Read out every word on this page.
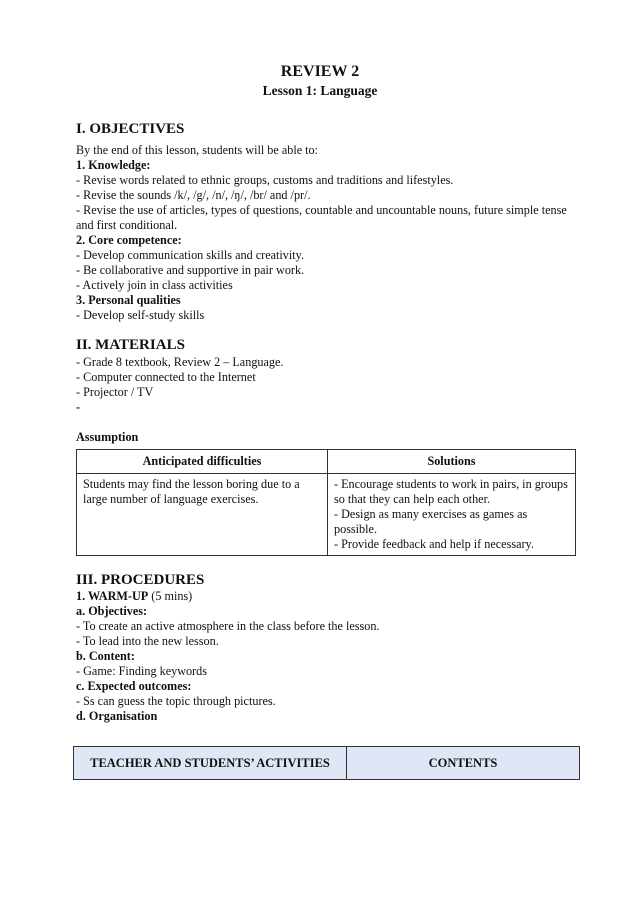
REVIEW 2
Lesson 1: Language
I. OBJECTIVES
By the end of this lesson, students will be able to:
1. Knowledge:
- Revise words related to ethnic groups, customs and traditions and lifestyles.
- Revise the sounds /k/, /g/, /n/, /ŋ/, /br/ and /pr/.
- Revise the use of articles, types of questions, countable and uncountable nouns, future simple tense and first conditional.
2. Core competence:
- Develop communication skills and creativity.
- Be collaborative and supportive in pair work.
- Actively join in class activities
3. Personal qualities
- Develop self-study skills
II. MATERIALS
- Grade 8 textbook, Review 2 – Language.
- Computer connected to the Internet
- Projector / TV
-
Assumption
Anticipated difficulties	Solutions
Students may find the lesson boring due to a large number of language exercises.	- Encourage students to work in pairs, in groups so that they can help each other.
- Design as many exercises as games as possible.
- Provide feedback and help if necessary.
III. PROCEDURES
1. WARM-UP (5 mins)
a. Objectives:
- To create an active atmosphere in the class before the lesson.
- To lead into the new lesson.
b. Content:
- Game: Finding keywords
c. Expected outcomes:
- Ss can guess the topic through pictures.
d. Organisation
TEACHER AND STUDENTS’ ACTIVITIES	CONTENTS
